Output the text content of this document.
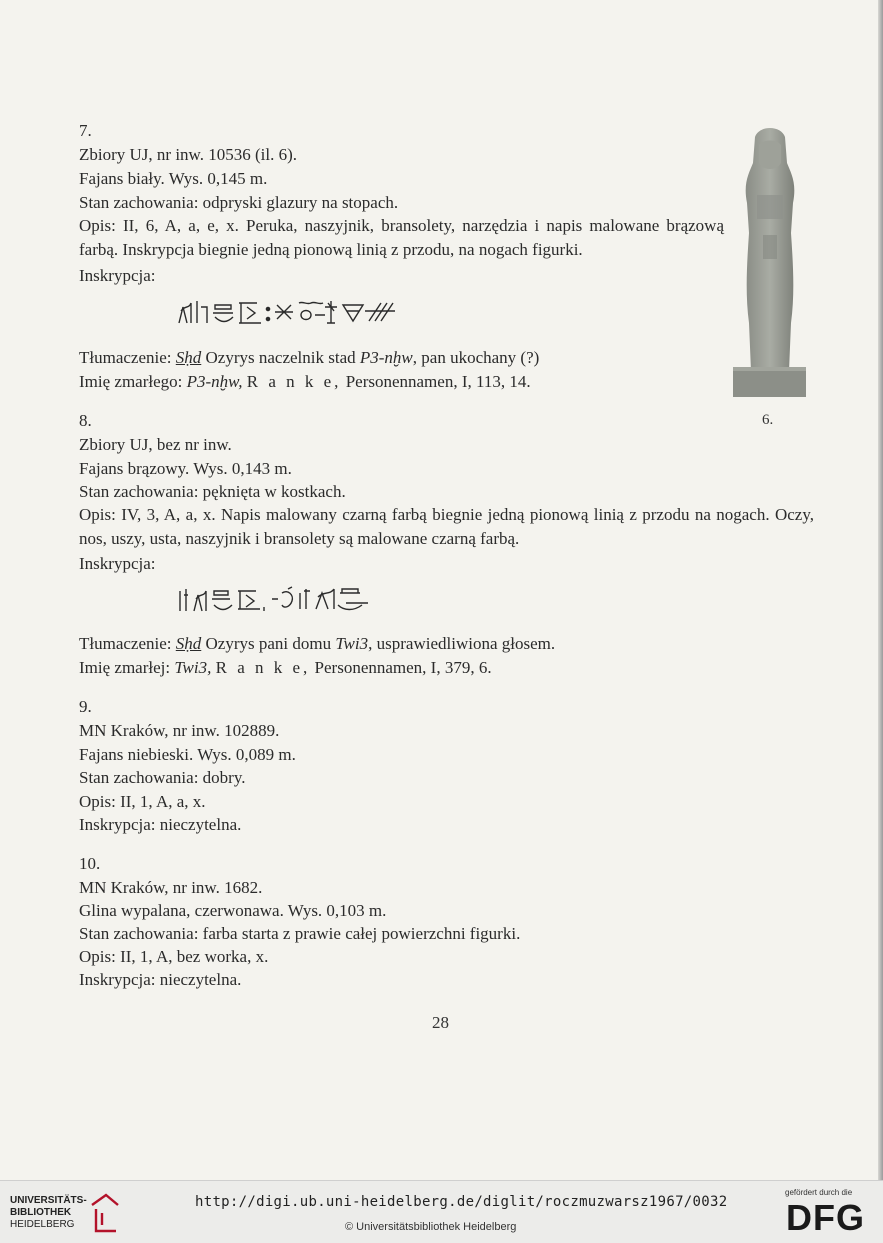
7.
Zbiory UJ, nr inw. 10536 (il. 6).
Fajans biały. Wys. 0,145 m.
Stan zachowania: odpryski glazury na stopach.
Opis: II, 6, A, a, e, x. Peruka, naszyjnik, bransolety, narzędzia i napis malowane brązową farbą. Inskrypcja biegnie jedną pionową linią z przodu, na nogach figurki.
Inskrypcja:
Tłumaczenie: Sḥd Ozyrys naczelnik stad P3-nḫw, pan ukochany (?)
Imię zmarłego: P3-nḫw, R a n k e, Personennamen, I, 113, 14.
6.
8.
Zbiory UJ, bez nr inw.
Fajans brązowy. Wys. 0,143 m.
Stan zachowania: pęknięta w kostkach.
Opis: IV, 3, A, a, x. Napis malowany czarną farbą biegnie jedną pionową linią z przodu na nogach. Oczy, nos, uszy, usta, naszyjnik i bransolety są malowane czarną farbą.
Inskrypcja:
Tłumaczenie: Sḥd Ozyrys pani domu Twi3, usprawiedliwiona głosem.
Imię zmarłej: Twi3, R a n k e, Personennamen, I, 379, 6.
9.
MN Kraków, nr inw. 102889.
Fajans niebieski. Wys. 0,089 m.
Stan zachowania: dobry.
Opis: II, 1, A, a, x.
Inskrypcja: nieczytelna.
10.
MN Kraków, nr inw. 1682.
Glina wypalana, czerwonawa. Wys. 0,103 m.
Stan zachowania: farba starta z prawie całej powierzchni figurki.
Opis: II, 1, A, bez worka, x.
Inskrypcja: nieczytelna.
28
UNIVERSITÄTS-
BIBLIOTHEK
HEIDELBERG
http://digi.ub.uni-heidelberg.de/diglit/roczmuzwarsz1967/0032
© Universitätsbibliothek Heidelberg
gefördert durch die
DFG
